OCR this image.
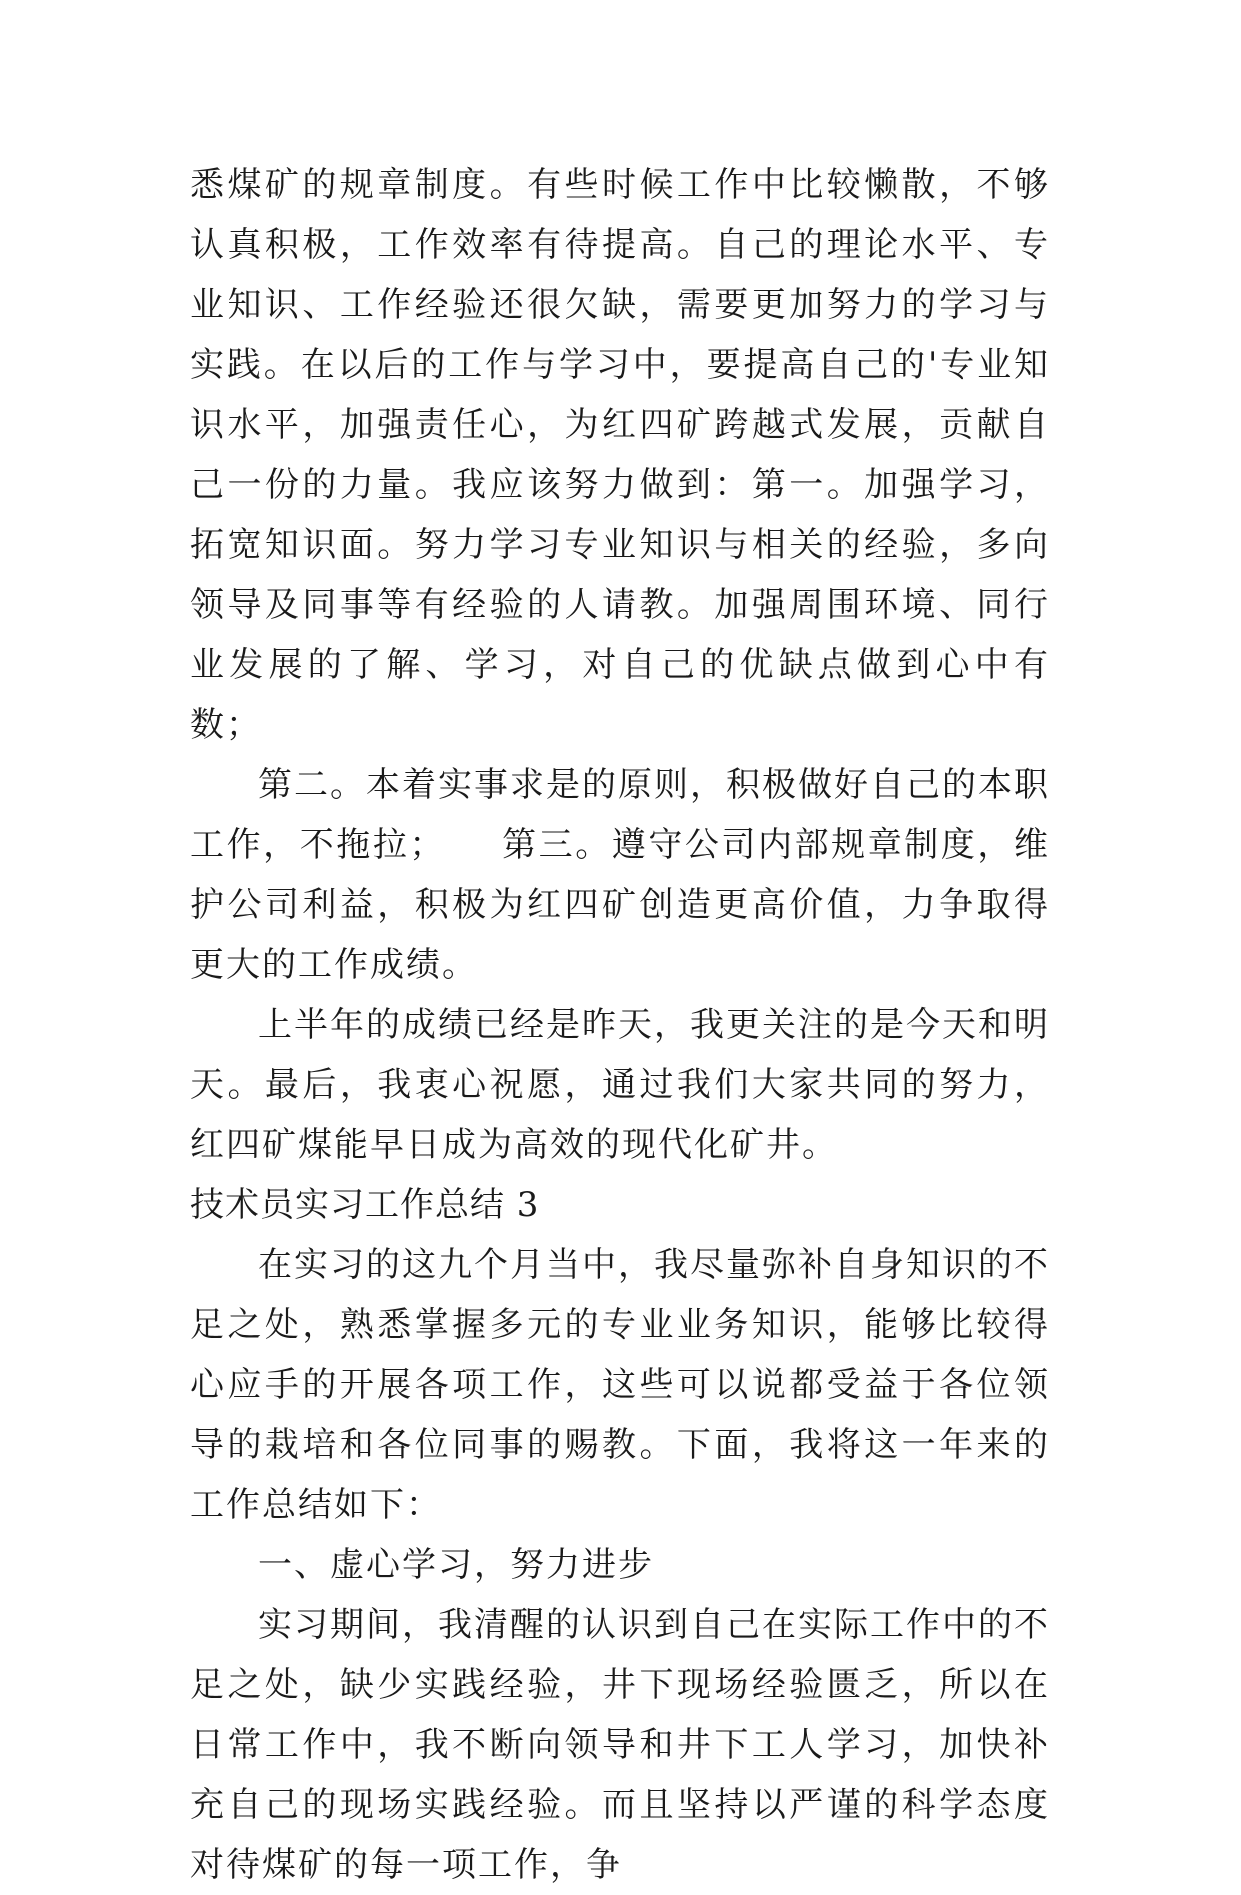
悉煤矿的规章制度。有些时候工作中比较懒散，不够认真积极，工作效率有待提高。自己的理论水平、专业知识、工作经验还很欠缺，需要更加努力的学习与实践。在以后的工作与学习中，要提高自己的'专业知识水平，加强责任心，为红四矿跨越式发展，贡献自己一份的力量。我应该努力做到：第一。加强学习，拓宽知识面。努力学习专业知识与相关的经验，多向领导及同事等有经验的人请教。加强周围环境、同行业发展的了解、学习，对自己的优缺点做到心中有数；

第二。本着实事求是的原则，积极做好自己的本职工作，不拖拉；　　第三。遵守公司内部规章制度，维护公司利益，积极为红四矿创造更高价值，力争取得更大的工作成绩。

上半年的成绩已经是昨天，我更关注的是今天和明天。最后，我衷心祝愿，通过我们大家共同的努力，红四矿煤能早日成为高效的现代化矿井。

技术员实习工作总结 3

在实习的这九个月当中，我尽量弥补自身知识的不足之处，熟悉掌握多元的专业业务知识，能够比较得心应手的开展各项工作，这些可以说都受益于各位领导的栽培和各位同事的赐教。下面，我将这一年来的工作总结如下：

一、虚心学习，努力进步

实习期间，我清醒的认识到自己在实际工作中的不足之处，缺少实践经验，井下现场经验匮乏，所以在日常工作中，我不断向领导和井下工人学习，加快补充自己的现场实践经验。而且坚持以严谨的科学态度对待煤矿的每一项工作，争
